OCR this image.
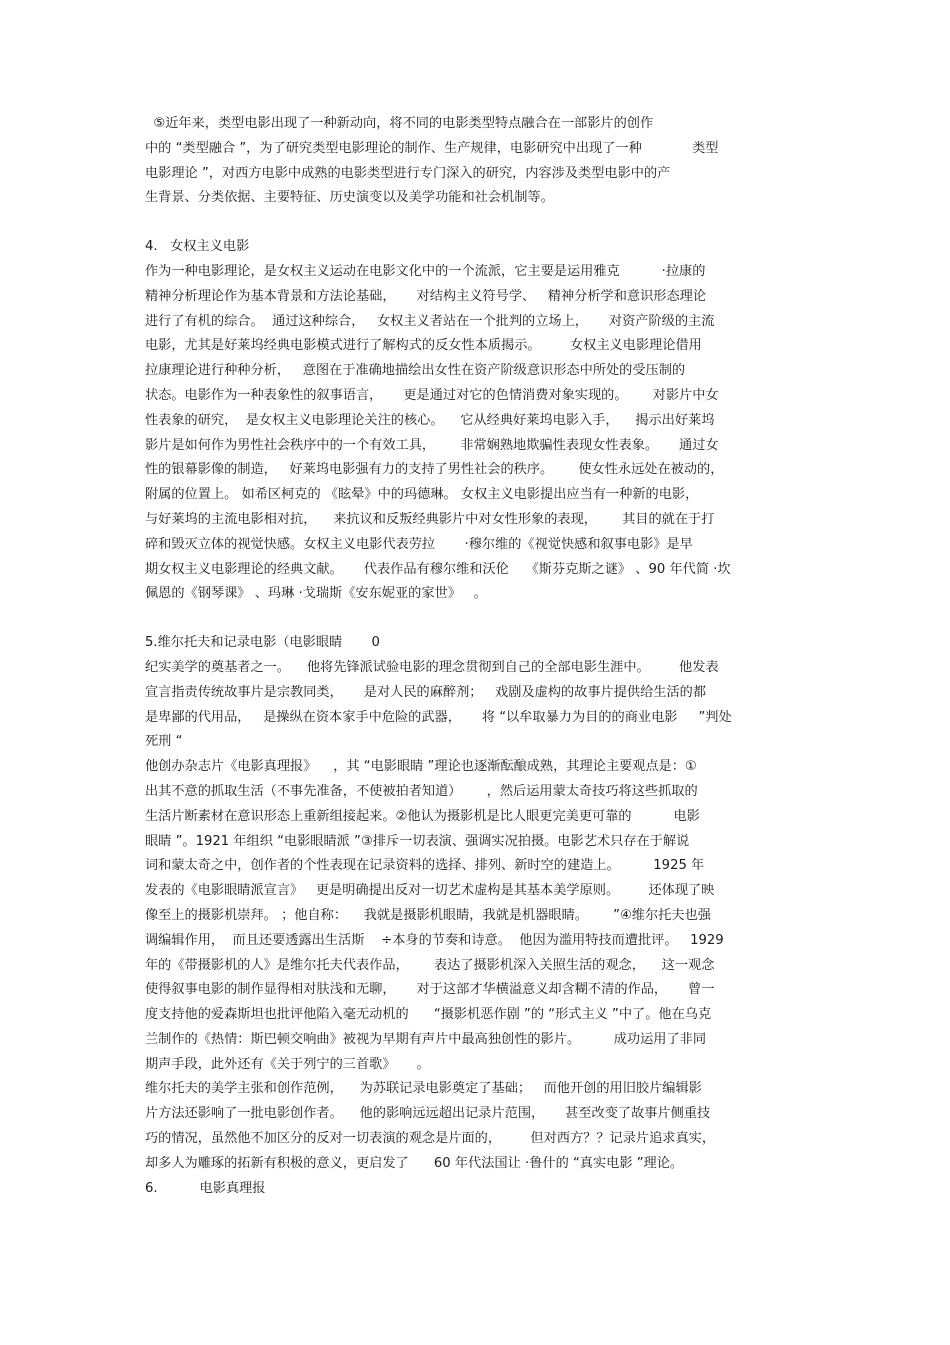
⑤近年来，类型电影出现了一种新动向，将不同的电影类型特点融合在一部影片的创作
中的 “类型融合 ”，为了研究类型电影理论的制作、生产规律，电影研究中出现了一种            类型
电影理论 ”，对西方电影中成熟的电影类型进行专门深入的研究，内容涉及类型电影中的产
生背景、分类依据、主要特征、历史演变以及美学功能和社会机制等。
4.   女权主义电影
作为一种电影理论，是女权主义运动在电影文化中的一个流派，它主要是运用雅克          ·拉康的
精神分析理论作为基本背景和方法论基础，     对结构主义符号学、   精神分析学和意识形态理论
进行了有机的综合。  通过这种综合，   女权主义者站在一个批判的立场上，     对资产阶级的主流
电影，尤其是好莱坞经典电影模式进行了解构式的反女性本质揭示。       女权主义电影理论借用
拉康理论进行种种分析，   意图在于准确地描绘出女性在资产阶级意识形态中所处的受压制的
状态。电影作为一种表象性的叙事语言，     更是通过对它的色情消费对象实现的。      对影片中女
性表象的研究，  是女权主义电影理论关注的核心。    它从经典好莱坞电影入手，    揭示出好莱坞
影片是如何作为男性社会秩序中的一个有效工具，      非常娴熟地欺骗性表现女性表象。     通过女
性的银幕影像的制造，   好莱坞电影强有力的支持了男性社会的秩序。      使女性永远处在被动的，
附属的位置上。 如希区柯克的 《眩晕》中的玛德琳。 女权主义电影提出应当有一种新的电影，
与好莱坞的主流电影相对抗，    来抗议和反叛经典影片中对女性形象的表现，      其目的就在于打
碎和毁灭立体的视觉快感。女权主义电影代表劳拉       ·穆尔维的《视觉快感和叙事电影》是早
期女权主义电影理论的经典文献。     代表作品有穆尔维和沃伦    《斯芬克斯之谜》 、90 年代简 ·坎
佩恩的《钢琴课》 、玛琳 ·戈瑞斯《安东妮亚的家世》   。
5.维尔托夫和记录电影（电影眼睛       0
纪实美学的奠基者之一。    他将先锋派试验电影的理念贯彻到自己的全部电影生涯中。       他发表
宣言指责传统故事片是宗教同类，     是对人民的麻醉剂；   戏剧及虚构的故事片提供给生活的都
是卑鄙的代用品，   是操纵在资本家手中危险的武器，     将 “以牟取暴力为目的的商业电影     ”判处
死刑 “
他创办杂志片《电影真理报》    ，其 “电影眼睛 ”理论也逐渐酝酿成熟，其理论主要观点是：①
出其不意的抓取生活（不事先准备，不使被拍者知道）      ，然后运用蒙太奇技巧将这些抓取的
生活片断素材在意识形态上重新组接起来。②他认为摄影机是比人眼更完美更可靠的          电影
眼睛 ”。1921 年组织 “电影眼睛派 ”③排斥一切表演、强调实况拍摄。电影艺术只存在于解说
词和蒙太奇之中，创作者的个性表现在记录资料的选择、排列、新时空的建造上。        1925 年
发表的《电影眼睛派宣言》   更是明确提出反对一切艺术虚构是其基本美学原则。       还体现了映
像至上的摄影机崇拜。 ；他自称：    我就是摄影机眼睛，我就是机器眼睛。      ”④维尔托夫也强
调编辑作用，  而且还要透露出生活斯    ÷本身的节奏和诗意。  他因为滥用特技而遭批评。   1929
年的《带摄影机的人》是维尔托夫代表作品，      表达了摄影机深入关照生活的观念，    这一观念
使得叙事电影的制作显得相对肤浅和无聊，     对于这部才华横溢意义却含糊不清的作品，     曾一
度支持他的爱森斯坦也批评他陷入毫无动机的      “摄影机恶作剧 ”的 “形式主义 ”中了。他在乌克
兰制作的《热情：斯巴顿交响曲》被视为早期有声片中最高独创性的影片。        成功运用了非同
期声手段，此外还有《关于列宁的三首歌》     。
维尔托夫的美学主张和创作范例，    为苏联记录电影奠定了基础；   而他开创的用旧胶片编辑影
片方法还影响了一批电影创作者。    他的影响远远超出记录片范围，     甚至改变了故事片侧重技
巧的情况，虽然他不加区分的反对一切表演的观念是片面的，       但对西方？？记录片追求真实，
却多人为雕琢的拓新有积极的意义，更启发了      60 年代法国让 ·鲁什的 “真实电影 ”理论。
6.          电影真理报
